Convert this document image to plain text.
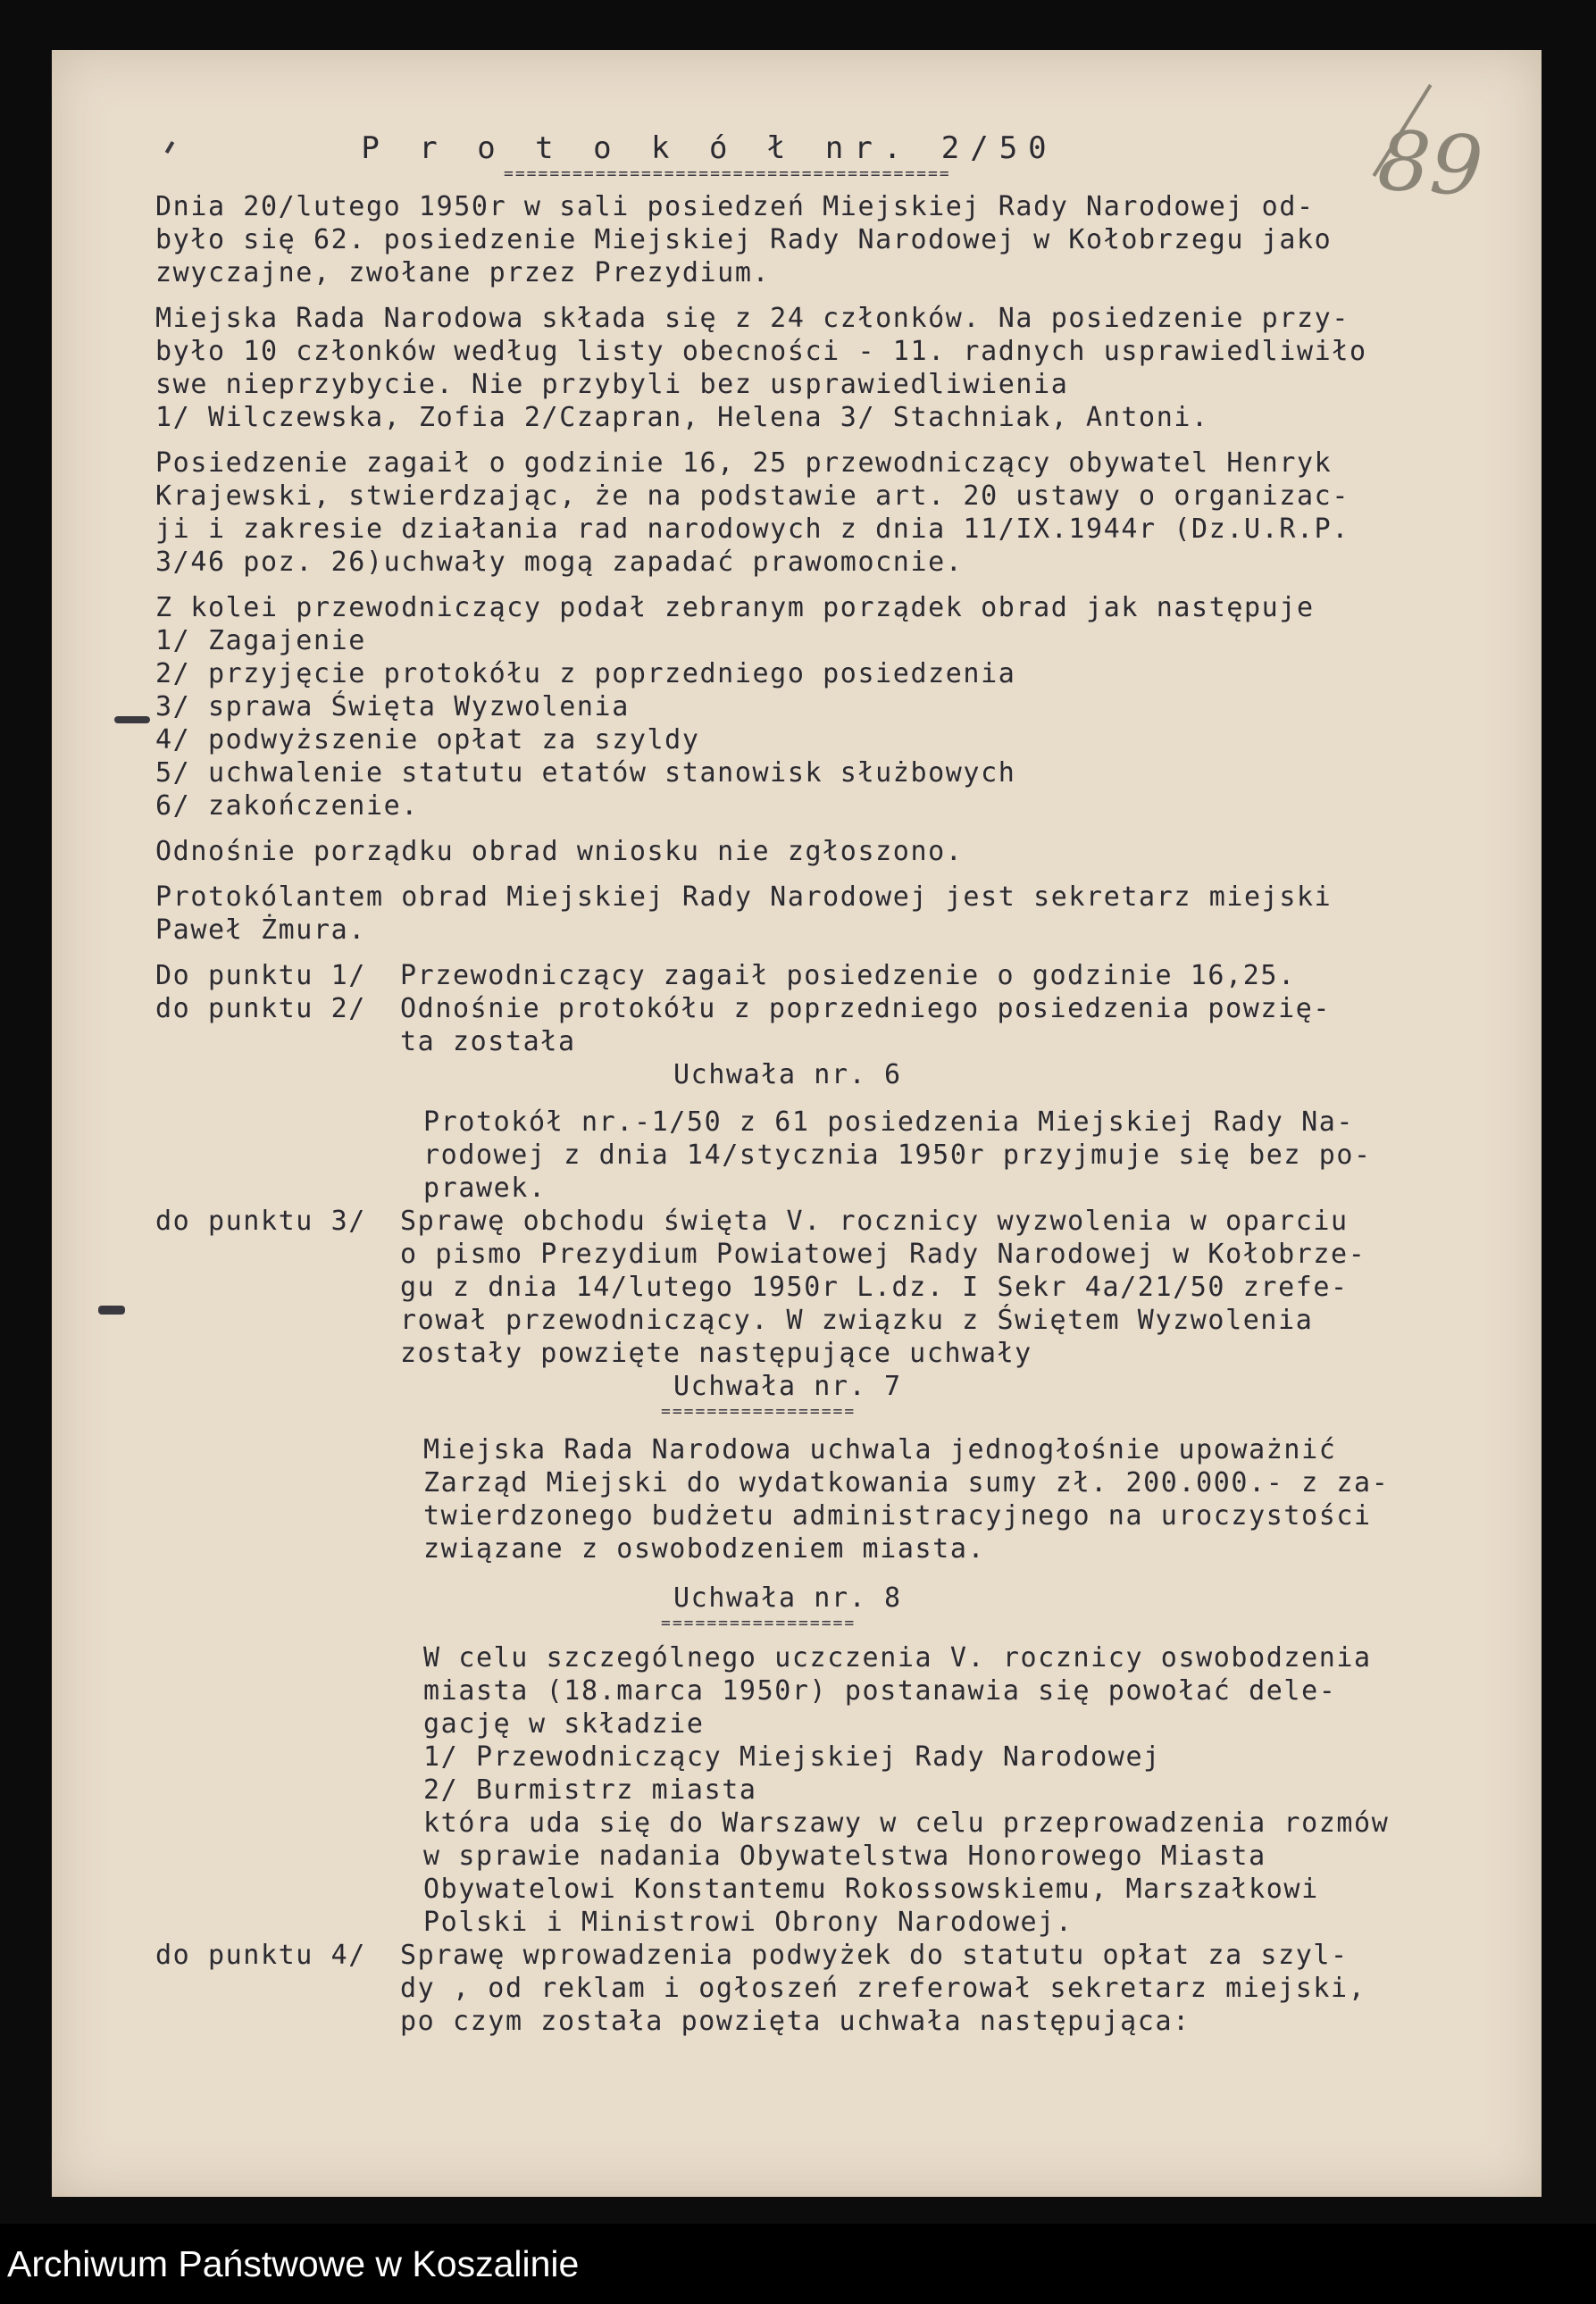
89
P r o t o k ó ł nr. 2/50
=======================================
Dnia 20/lutego 1950r w sali posiedzeń Miejskiej Rady Narodowej od-
było się 62. posiedzenie Miejskiej Rady Narodowej w Kołobrzegu jako
zwyczajne, zwołane przez Prezydium.
Miejska Rada Narodowa składa się z 24 członków. Na posiedzenie przy-
było 10 członków według listy obecności - 11. radnych usprawiedliwiło
swe nieprzybycie. Nie przybyli bez usprawiedliwienia
1/ Wilczewska, Zofia 2/Czapran, Helena 3/ Stachniak, Antoni.
Posiedzenie zagaił o godzinie 16, 25 przewodniczący obywatel Henryk
Krajewski, stwierdzając, że na podstawie art. 20 ustawy o organizac-
ji i zakresie działania rad narodowych z dnia 11/IX.1944r (Dz.U.R.P.
3/46 poz. 26)uchwały mogą zapadać prawomocnie.
Z kolei przewodniczący podał zebranym porządek obrad jak następuje
1/ Zagajenie
2/ przyjęcie protokółu z poprzedniego posiedzenia
3/ sprawa Święta Wyzwolenia
4/ podwyższenie opłat za szyldy
5/ uchwalenie statutu etatów stanowisk służbowych
6/ zakończenie.
Odnośnie porządku obrad wniosku nie zgłoszono.
Protokólantem obrad Miejskiej Rady Narodowej jest sekretarz miejski
Paweł Żmura.
Do punktu 1/	Przewodniczący zagaił posiedzenie o godzinie 16,25.
do punktu 2/	Odnośnie protokółu z poprzedniego posiedzenia powzię-
ta została
Uchwała nr. 6
Protokół nr.-1/50 z 61 posiedzenia Miejskiej Rady Na-
rodowej z dnia 14/stycznia 1950r przyjmuje się bez po-
prawek.
do punktu 3/	Sprawę obchodu święta V. rocznicy wyzwolenia w oparciu
o pismo Prezydium Powiatowej Rady Narodowej w Kołobrze-
gu z dnia 14/lutego 1950r L.dz. I Sekr 4a/21/50 zrefe-
rował przewodniczący. W związku z Świętem Wyzwolenia
zostały powzięte następujące uchwały
Uchwała nr. 7
=================
Miejska Rada Narodowa uchwala jednogłośnie upoważnić
Zarząd Miejski do wydatkowania sumy zł. 200.000.- z za-
twierdzonego budżetu administracyjnego na uroczystości
związane z oswobodzeniem miasta.
Uchwała nr. 8
=================
W celu szczególnego uczczenia V. rocznicy oswobodzenia
miasta (18.marca 1950r) postanawia się powołać dele-
gację w składzie
1/ Przewodniczący Miejskiej Rady Narodowej
2/ Burmistrz miasta
która uda się do Warszawy w celu przeprowadzenia rozmów
w sprawie nadania Obywatelstwa Honorowego Miasta
Obywatelowi Konstantemu Rokossowskiemu, Marszałkowi
Polski i Ministrowi Obrony Narodowej.
do punktu 4/	Sprawę wprowadzenia podwyżek do statutu opłat za szyl-
dy , od reklam i ogłoszeń zreferował sekretarz miejski,
po czym została powzięta uchwała następująca:
Archiwum Państwowe w Koszalinie
